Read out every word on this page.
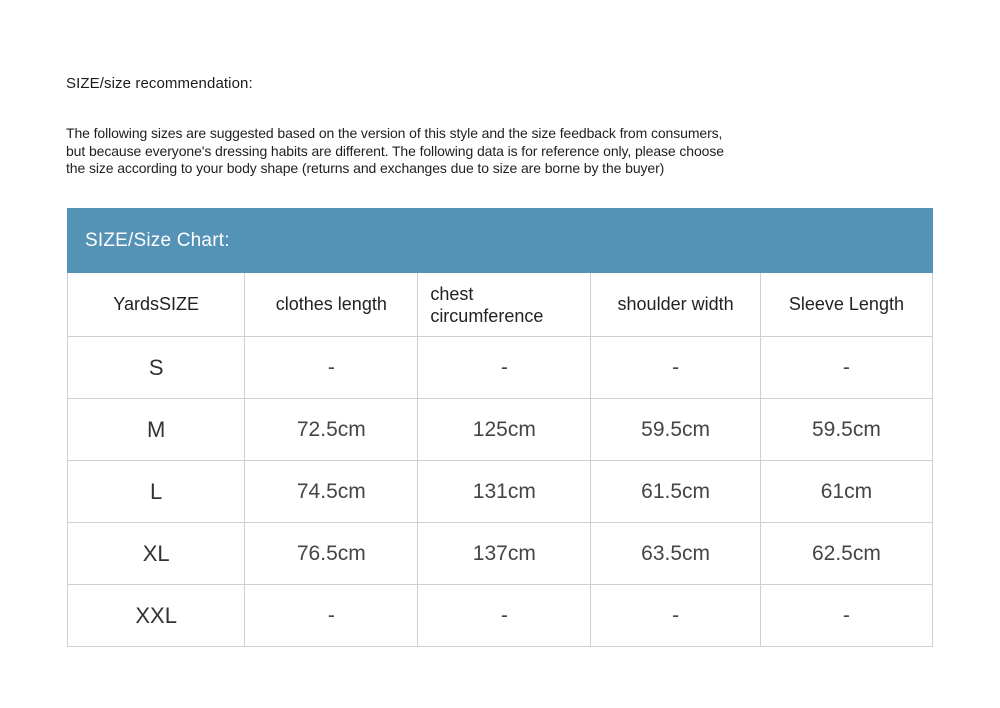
SIZE/size recommendation:
The following sizes are suggested based on the version of this style and the size feedback from consumers,
but because everyone's dressing habits are different. The following data is for reference only, please choose
the size according to your body shape (returns and exchanges due to size are borne by the buyer)
SIZE/Size Chart:
YardsSIZE	clothes length	chest circumference	shoulder width	Sleeve Length
S	-	-	-	-
M	72.5cm	125cm	59.5cm	59.5cm
L	74.5cm	131cm	61.5cm	61cm
XL	76.5cm	137cm	63.5cm	62.5cm
XXL	-	-	-	-
